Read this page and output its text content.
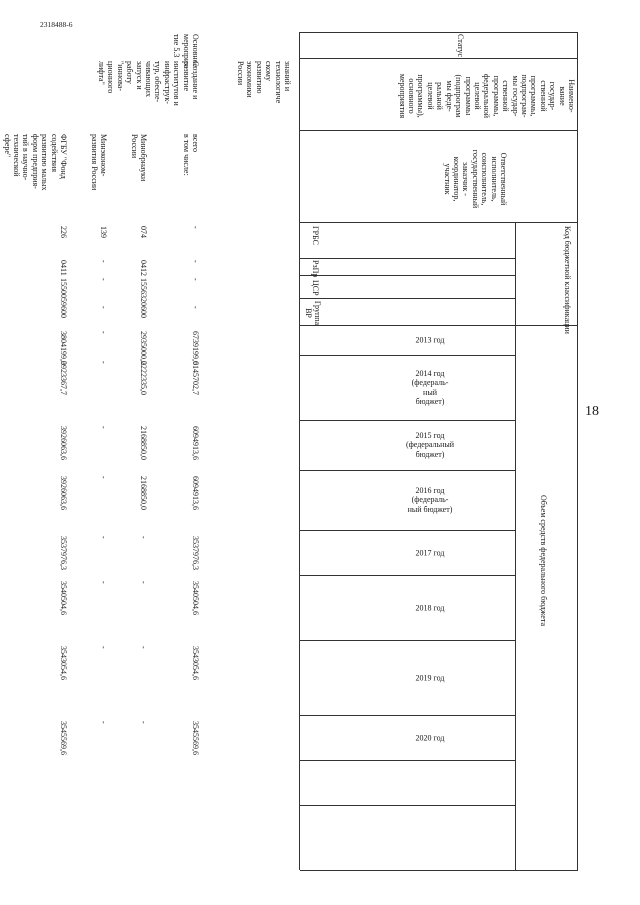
Статус
Наимено-
вание
государ-
ственной
программы,
подпрограм-
мы государ-
ственной
программы,
федеральной
целевой
программы
(подпрограм
мы феде-
ральной
целевой
программы),
основного
мероприятия
Ответственный
исполнитель,
соисполнитель,
государственный
заказчик -
координатор,
участник
Код бюджетной классификации
Объем средств федерального бюджета
ГРБС
РзПр
ЦСР
Группа
ВР
2013 год
2014 год
(федераль-
ный
бюджет)
2015 год
(федеральный
бюджет)
2016 год
(федераль-
ный бюджет)
2017 год
2018 год
2019 год
2020 год
18
знаний и
технологиче
скому
развитию
экономики
России
Основное
мероприя-
тие 5.3
Создание и
развитие
институтов и
инфраструк-
тур, обеспе-
чивающих
запуск и
работу
"иннова-
ционного
лифта"
всего
в том числе:
-
-
-
-
6739199,0
6145702,7
6094913,6
6094913,6
3537976,3
3540504,6
3543054,6
3545569,6
Минобрнауки
России
074
0412
1556320
600
2935000,0
2222335,0
2168850,0
2168850,0
-
-
-
-
Минэконом-
развития России
139
-
-
-
-
-
-
-
-
-
-
-
ФГБУ "Фонд
содействия
развитию малых
форм предприя-
тий в научно-
технической
сфере"
226
0411
1550059
600
3804199,0
3923367,7
3926063,6
3926063,6
3537976,3
3540504,6
3543054,6
3545569,6
2318488-6
